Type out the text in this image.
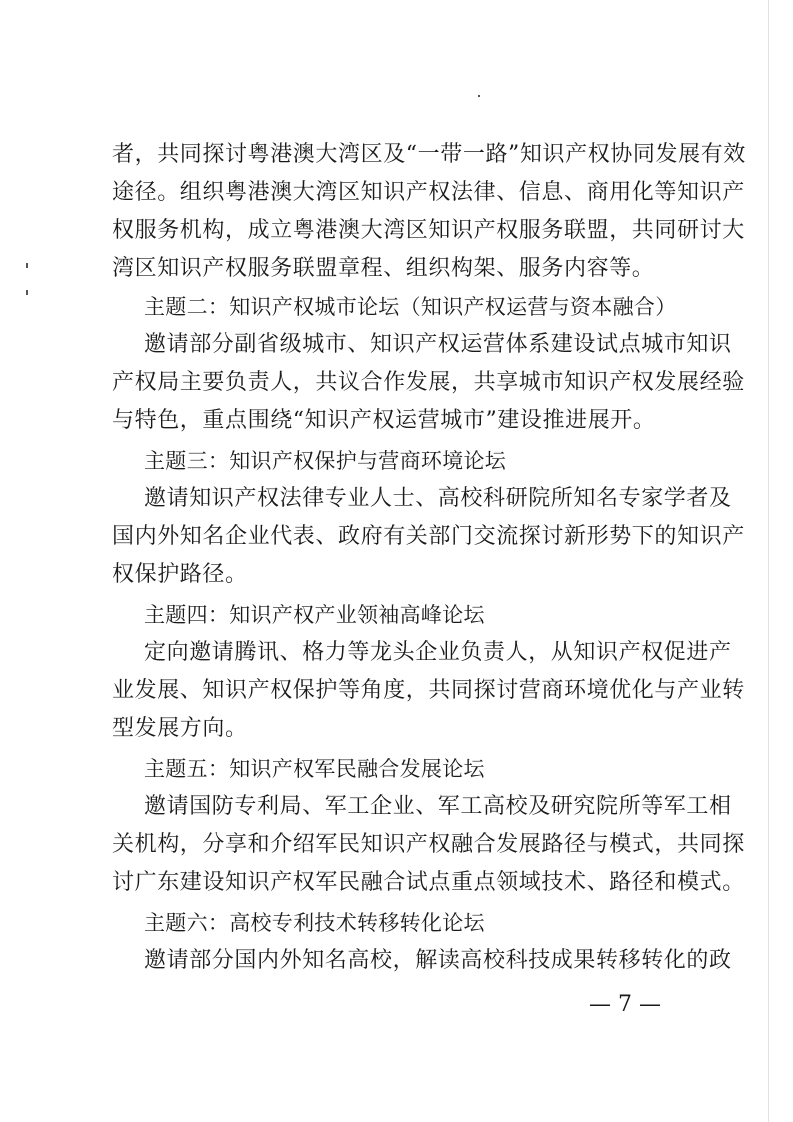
者，共同探讨粤港澳大湾区及“一带一路”知识产权协同发展有效
途径。组织粤港澳大湾区知识产权法律、信息、商用化等知识产
权服务机构，成立粤港澳大湾区知识产权服务联盟，共同研讨大
湾区知识产权服务联盟章程、组织构架、服务内容等。
主题二：知识产权城市论坛（知识产权运营与资本融合）
邀请部分副省级城市、知识产权运营体系建设试点城市知识
产权局主要负责人，共议合作发展，共享城市知识产权发展经验
与特色，重点围绕“知识产权运营城市”建设推进展开。
主题三：知识产权保护与营商环境论坛
邀请知识产权法律专业人士、高校科研院所知名专家学者及
国内外知名企业代表、政府有关部门交流探讨新形势下的知识产
权保护路径。
主题四：知识产权产业领袖高峰论坛
定向邀请腾讯、格力等龙头企业负责人，从知识产权促进产
业发展、知识产权保护等角度，共同探讨营商环境优化与产业转
型发展方向。
主题五：知识产权军民融合发展论坛
邀请国防专利局、军工企业、军工高校及研究院所等军工相
关机构，分享和介绍军民知识产权融合发展路径与模式，共同探
讨广东建设知识产权军民融合试点重点领域技术、路径和模式。
主题六：高校专利技术转移转化论坛
邀请部分国内外知名高校，解读高校科技成果转移转化的政
— 7 —
